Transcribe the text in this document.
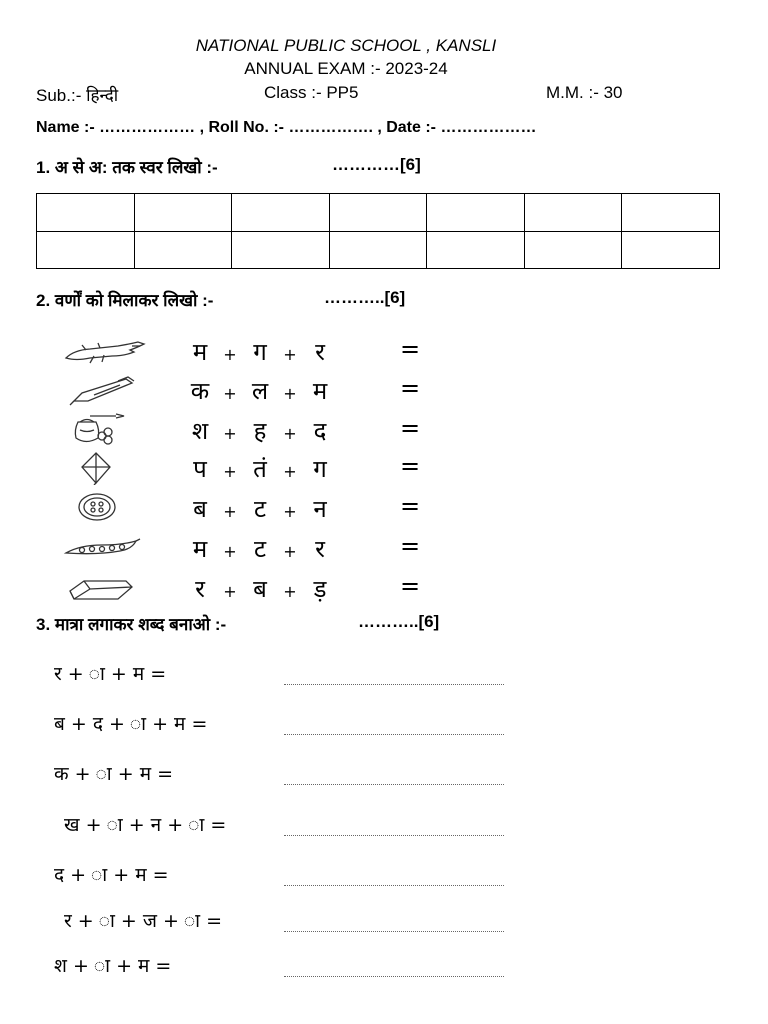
NATIONAL PUBLIC SCHOOL , KANSLI
ANNUAL EXAM :- 2023-24
Sub.:- हिन्दी	Class :- PP5	M.M. :- 30
Name :- ……………… , Roll No. :- ……………. , Date :- ………………
1. अ से अ: तक स्वर लिखो :-	…………[6]

2. वर्णों को मिलाकर लिखो :-	………..[6]
म + ग + र	=
क + ल + म	=
श + ह + द	=
प + तं + ग	=
ब + ट + न	=
म + ट + र	=
र + ब + ड़	=
3. मात्रा लगाकर शब्द बनाओ :-	………..[6]
र + ा + म =
ब + द + ा + म =
क + ा + म =
ख + ा + न + ा =
द + ा + म =
र + ा + ज + ा =
श + ा + म =
